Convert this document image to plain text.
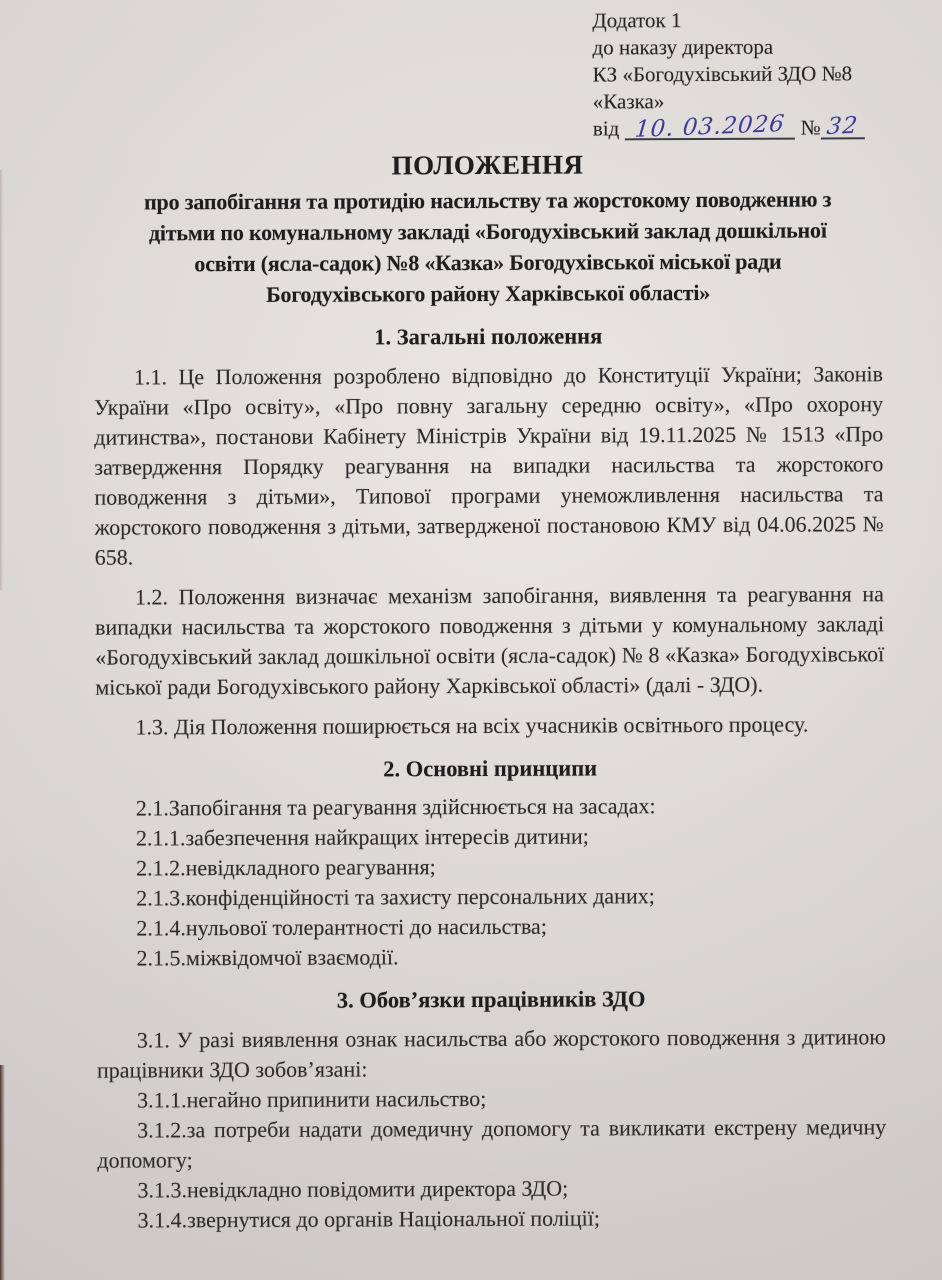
Додаток 1
до наказу директора
КЗ «Богодухівський ЗДО №8
«Казка»
від 10. 03.2026 № 32
ПОЛОЖЕННЯ
про запобігання та протидію насильству та жорстокому поводженню з
дітьми по комунальному закладі «Богодухівський заклад дошкільної
освіти (ясла-садок) №8 «Казка» Богодухівської міської ради
Богодухівського району Харківської області»
1. Загальні положення

1.1. Це Положення розроблено відповідно до Конституції України; Законів України «Про освіту», «Про повну загальну середню освіту», «Про охорону дитинства», постанови Кабінету Міністрів України від 19.11.2025 № 1513 «Про затвердження Порядку реагування на випадки насильства та жорстокого поводження з дітьми», Типової програми унеможливлення насильства та жорстокого поводження з дітьми, затвердженої постановою КМУ від 04.06.2025 № 658.

1.2. Положення визначає механізм запобігання, виявлення та реагування на випадки насильства та жорстокого поводження з дітьми у комунальному закладі «Богодухівський заклад дошкільної освіти (ясла-садок) № 8 «Казка» Богодухівської міської ради Богодухівського району Харківської області» (далі - ЗДО).

1.3. Дія Положення поширюється на всіх учасників освітнього процесу.

2. Основні принципи

2.1.Запобігання та реагування здійснюється на засадах:

2.1.1.забезпечення найкращих інтересів дитини;

2.1.2.невідкладного реагування;

2.1.3.конфіденційності та захисту персональних даних;

2.1.4.нульової толерантності до насильства;

2.1.5.міжвідомчої взаємодії.

3. Обов’язки працівників ЗДО

3.1. У разі виявлення ознак насильства або жорстокого поводження з дитиною працівники ЗДО зобов’язані:

3.1.1.негайно припинити насильство;

3.1.2.за потреби надати домедичну допомогу та викликати екстрену медичну допомогу;

3.1.3.невідкладно повідомити директора ЗДО;

3.1.4.звернутися до органів Національної поліції;
